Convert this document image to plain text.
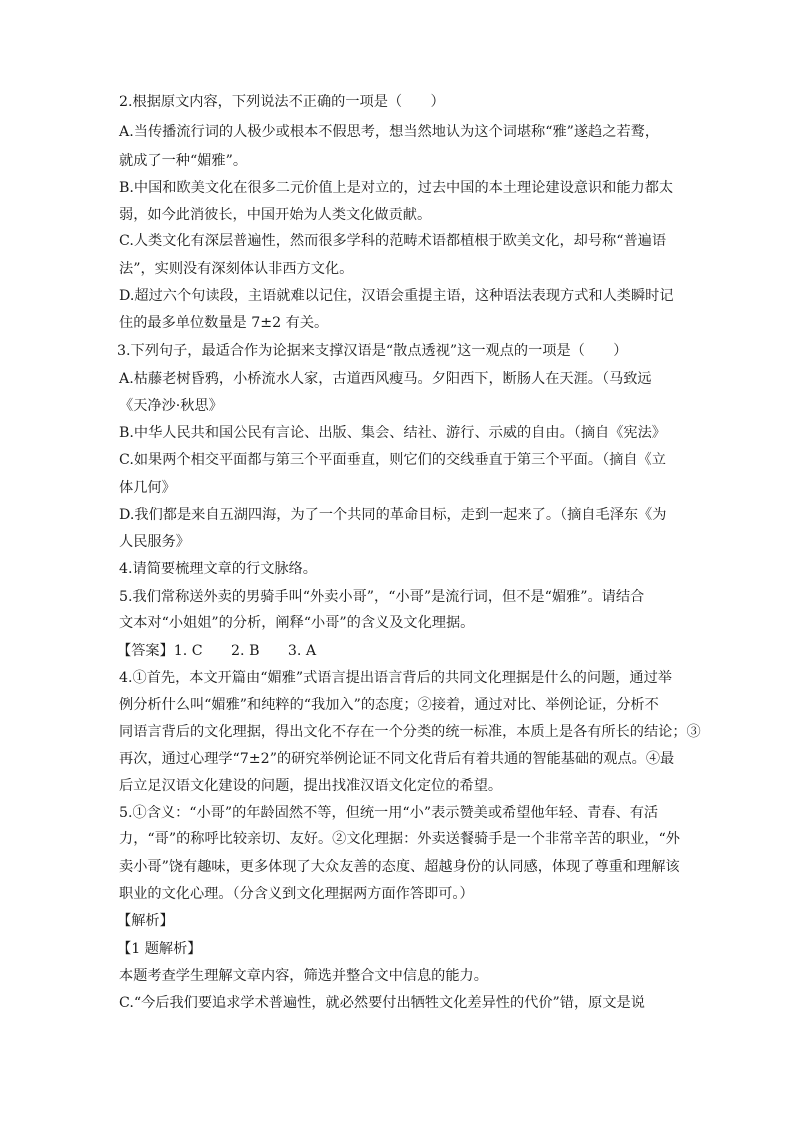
2.根据原文内容，下列说法不正确的一项是（　　）
A.当传播流行词的人极少或根本不假思考，想当然地认为这个词堪称“雅”遂趋之若鹜，
就成了一种“媚雅”。
B.中国和欧美文化在很多二元价值上是对立的，过去中国的本土理论建设意识和能力都太
弱，如今此消彼长，中国开始为人类文化做贡献。
C.人类文化有深层普遍性，然而很多学科的范畴术语都植根于欧美文化，却号称“普遍语
法”，实则没有深刻体认非西方文化。
D.超过六个句读段，主语就难以记住，汉语会重提主语，这种语法表现方式和人类瞬时记
住的最多单位数量是 7±2 有关。
3.下列句子，最适合作为论据来支撑汉语是“散点透视”这一观点的一项是（　　）
A.枯藤老树昏鸦，小桥流水人家，古道西风瘦马。夕阳西下，断肠人在天涯。（马致远
《天净沙·秋思》
B.中华人民共和国公民有言论、出版、集会、结社、游行、示威的自由。（摘自《宪法》
C.如果两个相交平面都与第三个平面垂直，则它们的交线垂直于第三个平面。（摘自《立
体几何》
D.我们都是来自五湖四海，为了一个共同的革命目标，走到一起来了。（摘自毛泽东《为
人民服务》
4.请简要梳理文章的行文脉络。
5.我们常称送外卖的男骑手叫“外卖小哥”，“小哥”是流行词，但不是“媚雅”。请结合
文本对“小姐姐”的分析，阐释“小哥”的含义及文化理据。
【答案】1. C　　2. B　　3. A
4.①首先，本文开篇由“媚雅”式语言提出语言背后的共同文化理据是什么的问题，通过举
例分析什么叫“媚雅”和纯粹的“我加入”的态度；②接着，通过对比、举例论证，分析不
同语言背后的文化理据，得出文化不存在一个分类的统一标准，本质上是各有所长的结论；③
再次，通过心理学“7±2”的研究举例论证不同文化背后有着共通的智能基础的观点。④最
后立足汉语文化建设的问题，提出找准汉语文化定位的希望。
5.①含义：“小哥”的年龄固然不等，但统一用“小”表示赞美或希望他年轻、青春、有活
力，“哥”的称呼比较亲切、友好。②文化理据：外卖送餐骑手是一个非常辛苦的职业，“外
卖小哥”饶有趣味，更多体现了大众友善的态度、超越身份的认同感，体现了尊重和理解该
职业的文化心理。（分含义到文化理据两方面作答即可。）
【解析】
【1 题解析】
本题考查学生理解文章内容，筛选并整合文中信息的能力。
C.“今后我们要追求学术普遍性，就必然要付出牺牲文化差异性的代价”错，原文是说
